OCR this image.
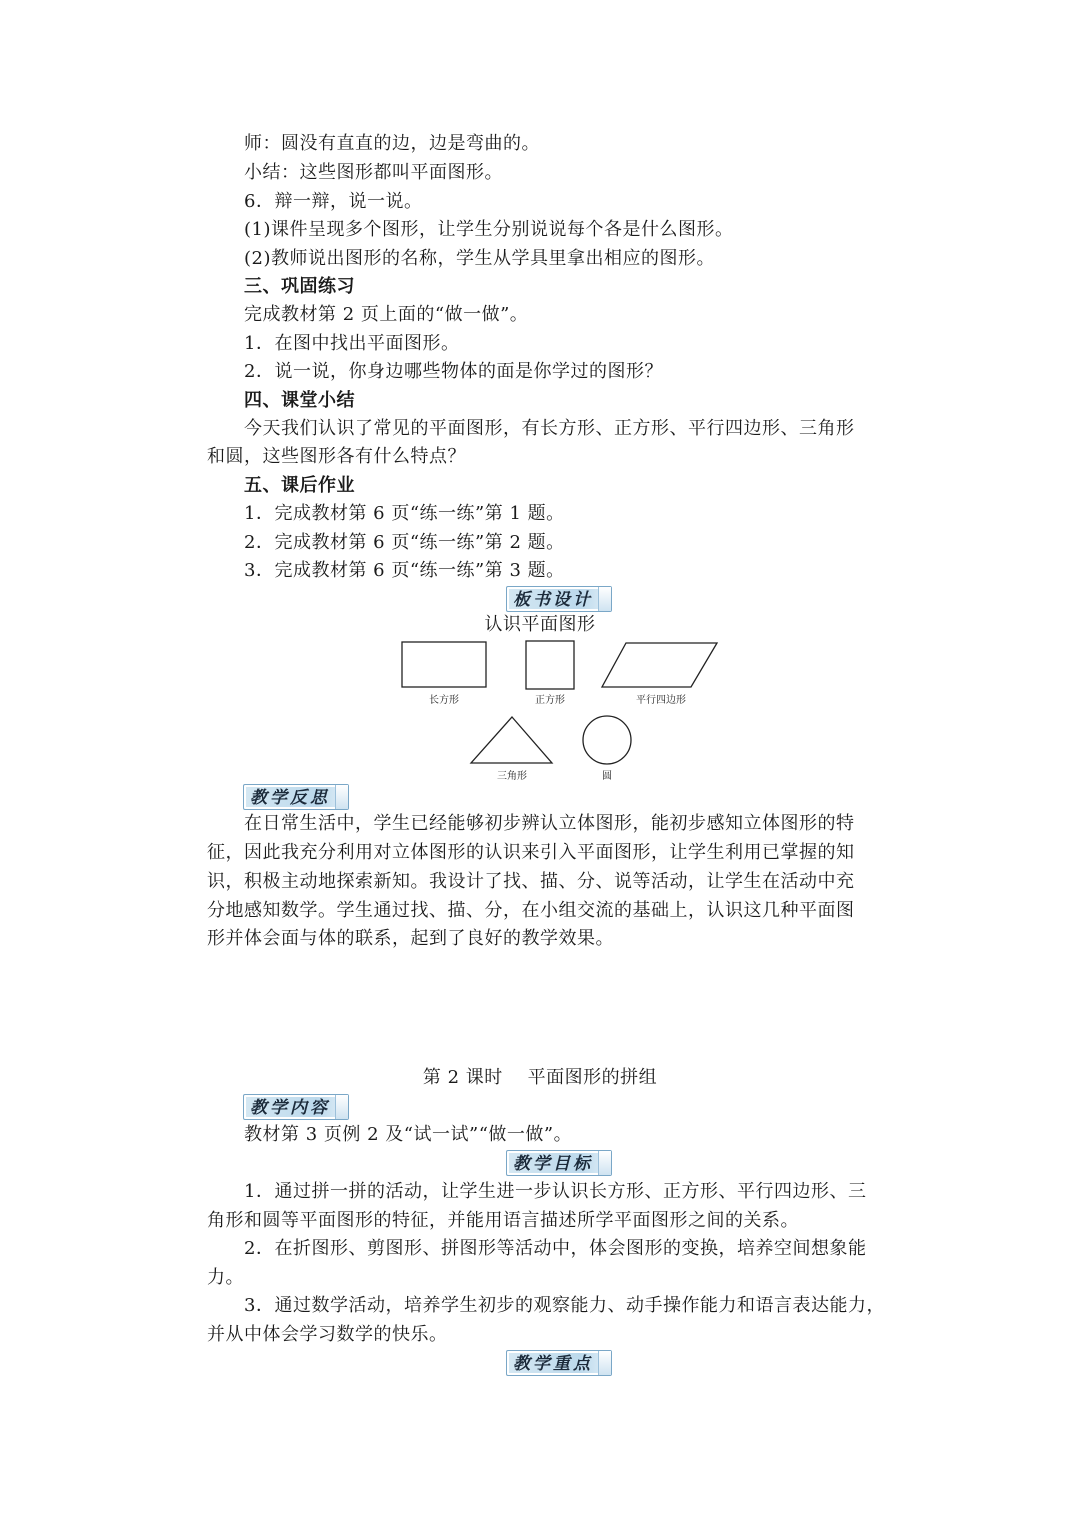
师：圆没有直直的边，边是弯曲的。
小结：这些图形都叫平面图形。
6．辩一辩，说一说。
(1)课件呈现多个图形，让学生分别说说每个各是什么图形。
(2)教师说出图形的名称，学生从学具里拿出相应的图形。
三、巩固练习
完成教材第 2 页上面的“做一做”。
1．在图中找出平面图形。
2．说一说，你身边哪些物体的面是你学过的图形？
四、课堂小结
今天我们认识了常见的平面图形，有长方形、正方形、平行四边形、三角形
和圆，这些图形各有什么特点？
五、课后作业
1．完成教材第 6 页“练一练”第 1 题。
2．完成教材第 6 页“练一练”第 2 题。
3．完成教材第 6 页“练一练”第 3 题。
板书设计
认识平面图形
长方形	正方形	平行四边形
三角形	圆
教学反思
在日常生活中，学生已经能够初步辨认立体图形，能初步感知立体图形的特
征，因此我充分利用对立体图形的认识来引入平面图形，让学生利用已掌握的知
识，积极主动地探索新知。我设计了找、描、分、说等活动，让学生在活动中充
分地感知数学。学生通过找、描、分，在小组交流的基础上，认识这几种平面图
形并体会面与体的联系，起到了良好的教学效果。
第 2 课时    平面图形的拼组
教学内容
教材第 3 页例 2 及“试一试”“做一做”。
教学目标
1．通过拼一拼的活动，让学生进一步认识长方形、正方形、平行四边形、三
角形和圆等平面图形的特征，并能用语言描述所学平面图形之间的关系。
2．在折图形、剪图形、拼图形等活动中，体会图形的变换，培养空间想象能
力。
3．通过数学活动，培养学生初步的观察能力、动手操作能力和语言表达能力，
并从中体会学习数学的快乐。
教学重点
